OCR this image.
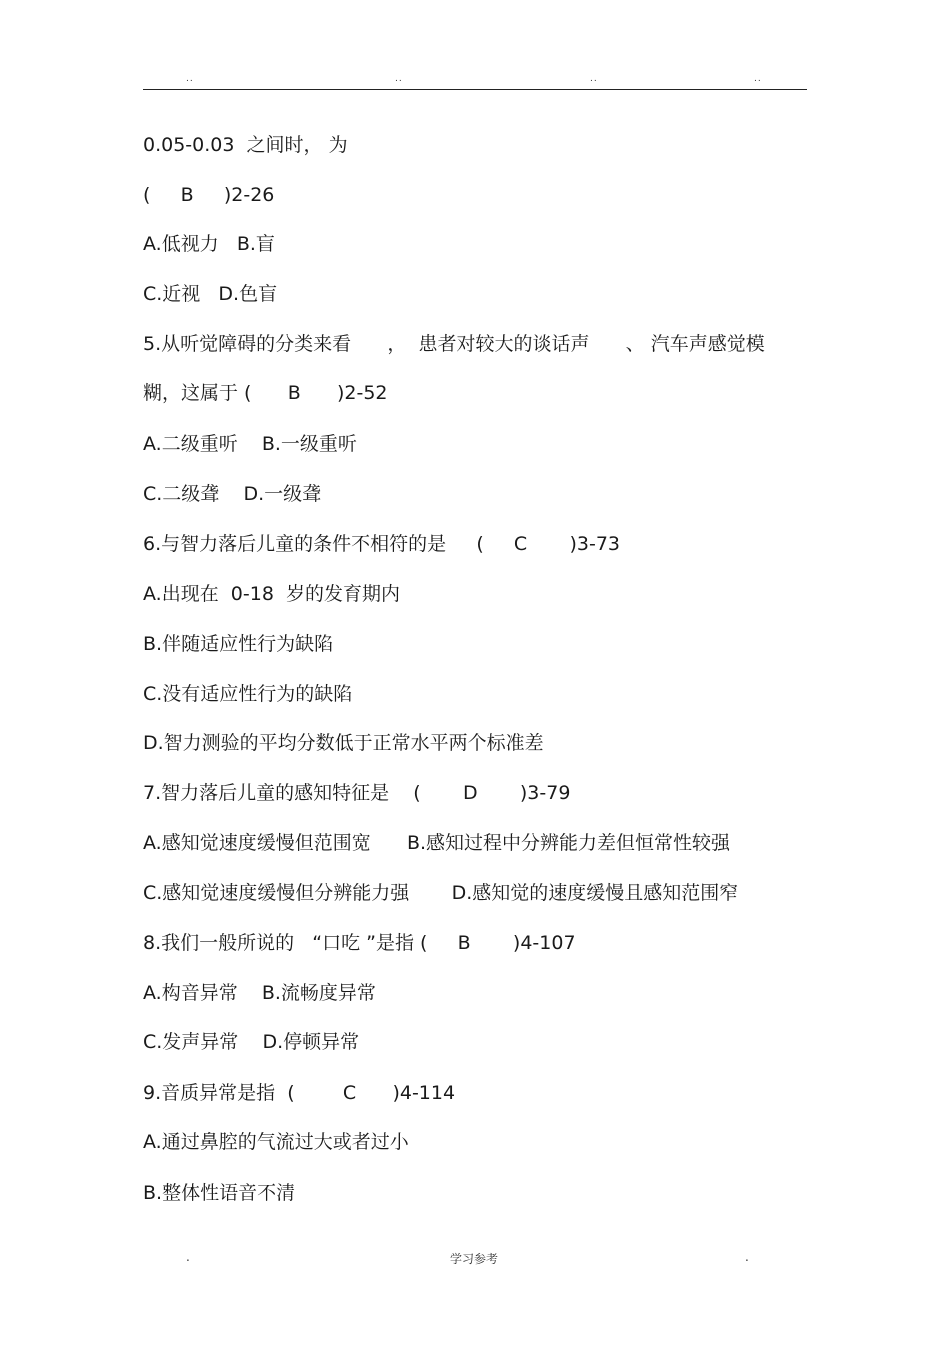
..	..	..	..
0.05-0.03  之间时， 为
(     B     )2-26
A.低视力   B.盲
C.近视   D.色盲
5.从听觉障碍的分类来看      ，  患者对较大的谈话声      、 汽车声感觉模
糊，这属于 (      B      )2-52
A.二级重听    B.一级重听
C.二级聋    D.一级聋
6.与智力落后儿童的条件不相符的是     (     C       )3-73
A.出现在  0-18  岁的发育期内
B.伴随适应性行为缺陷
C.没有适应性行为的缺陷
D.智力测验的平均分数低于正常水平两个标准差
7.智力落后儿童的感知特征是    (       D       )3-79
A.感知觉速度缓慢但范围宽      B.感知过程中分辨能力差但恒常性较强
C.感知觉速度缓慢但分辨能力强       D.感知觉的速度缓慢且感知范围窄
8.我们一般所说的   “口吃 ”是指 (     B       )4-107
A.构音异常    B.流畅度异常
C.发声异常    D.停顿异常
9.音质异常是指  (        C      )4-114
A.通过鼻腔的气流过大或者过小
B.整体性语音不清
.	学习参考	.
